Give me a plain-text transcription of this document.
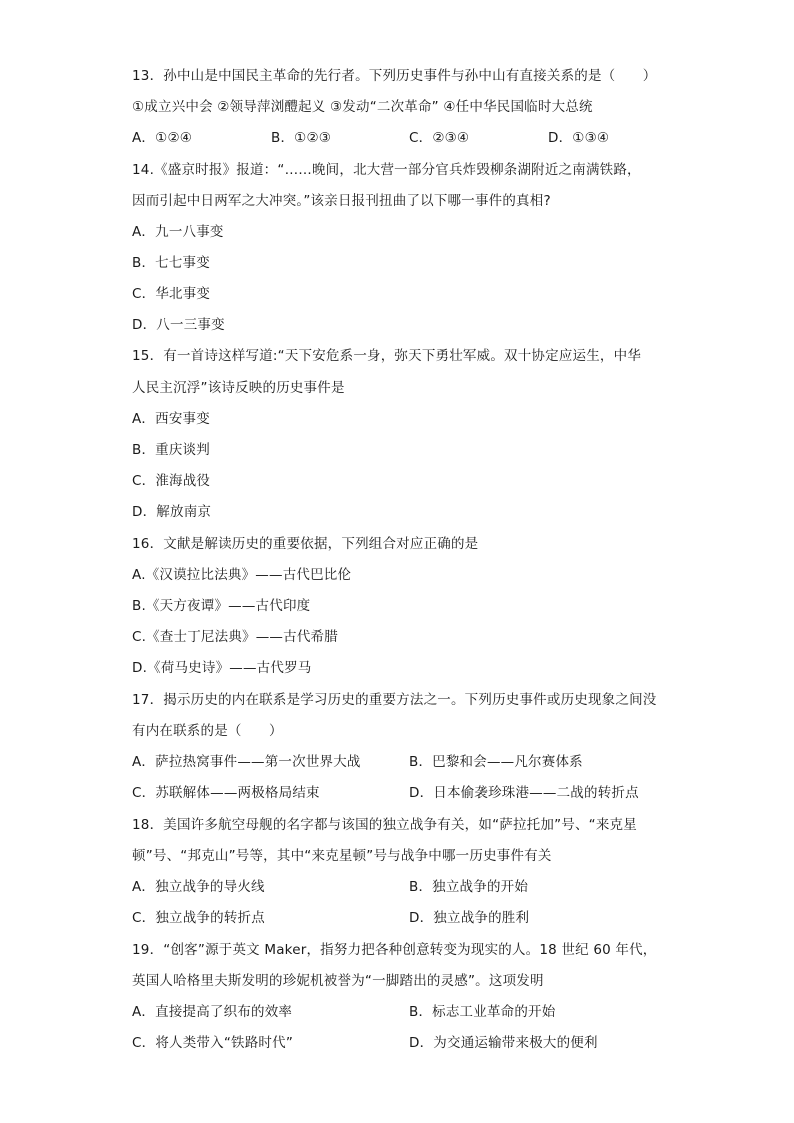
13．孙中山是中国民主革命的先行者。下列历史事件与孙中山有直接关系的是（　　）
①成立兴中会 ②领导萍浏醴起义 ③发动“二次革命” ④任中华民国临时大总统
A．①②④	B．①②③	C．②③④	D．①③④
14.《盛京时报》报道：“……晚间，北大营一部分官兵炸毁柳条湖附近之南满铁路，
因而引起中日两军之大冲突。”该亲日报刊扭曲了以下哪一事件的真相?
A．九一八事变
B．七七事变
C．华北事变
D．八一三事变
15．有一首诗这样写道:“天下安危系一身，弥天下勇壮军威。双十协定应运生，中华
人民主沉浮”该诗反映的历史事件是
A．西安事变
B．重庆谈判
C．淮海战役
D．解放南京
16．文献是解读历史的重要依据，下列组合对应正确的是
A.《汉谟拉比法典》——古代巴比伦
B.《天方夜谭》——古代印度
C.《查士丁尼法典》——古代希腊
D.《荷马史诗》——古代罗马
17．揭示历史的内在联系是学习历史的重要方法之一。下列历史事件或历史现象之间没
有内在联系的是（　　）
A．萨拉热窝事件——第一次世界大战	B．巴黎和会——凡尔赛体系
C．苏联解体——两极格局结束	D．日本偷袭珍珠港——二战的转折点
18．美国许多航空母舰的名字都与该国的独立战争有关，如“萨拉托加”号、“来克星
顿”号、“邦克山”号等，其中“来克星顿”号与战争中哪一历史事件有关
A．独立战争的导火线	B．独立战争的开始
C．独立战争的转折点	D．独立战争的胜利
19．“创客”源于英文 Maker，指努力把各种创意转变为现实的人。18 世纪 60 年代，
英国人哈格里夫斯发明的珍妮机被誉为“一脚踏出的灵感”。这项发明
A．直接提高了织布的效率	B．标志工业革命的开始
C．将人类带入“铁路时代”	D．为交通运输带来极大的便利
